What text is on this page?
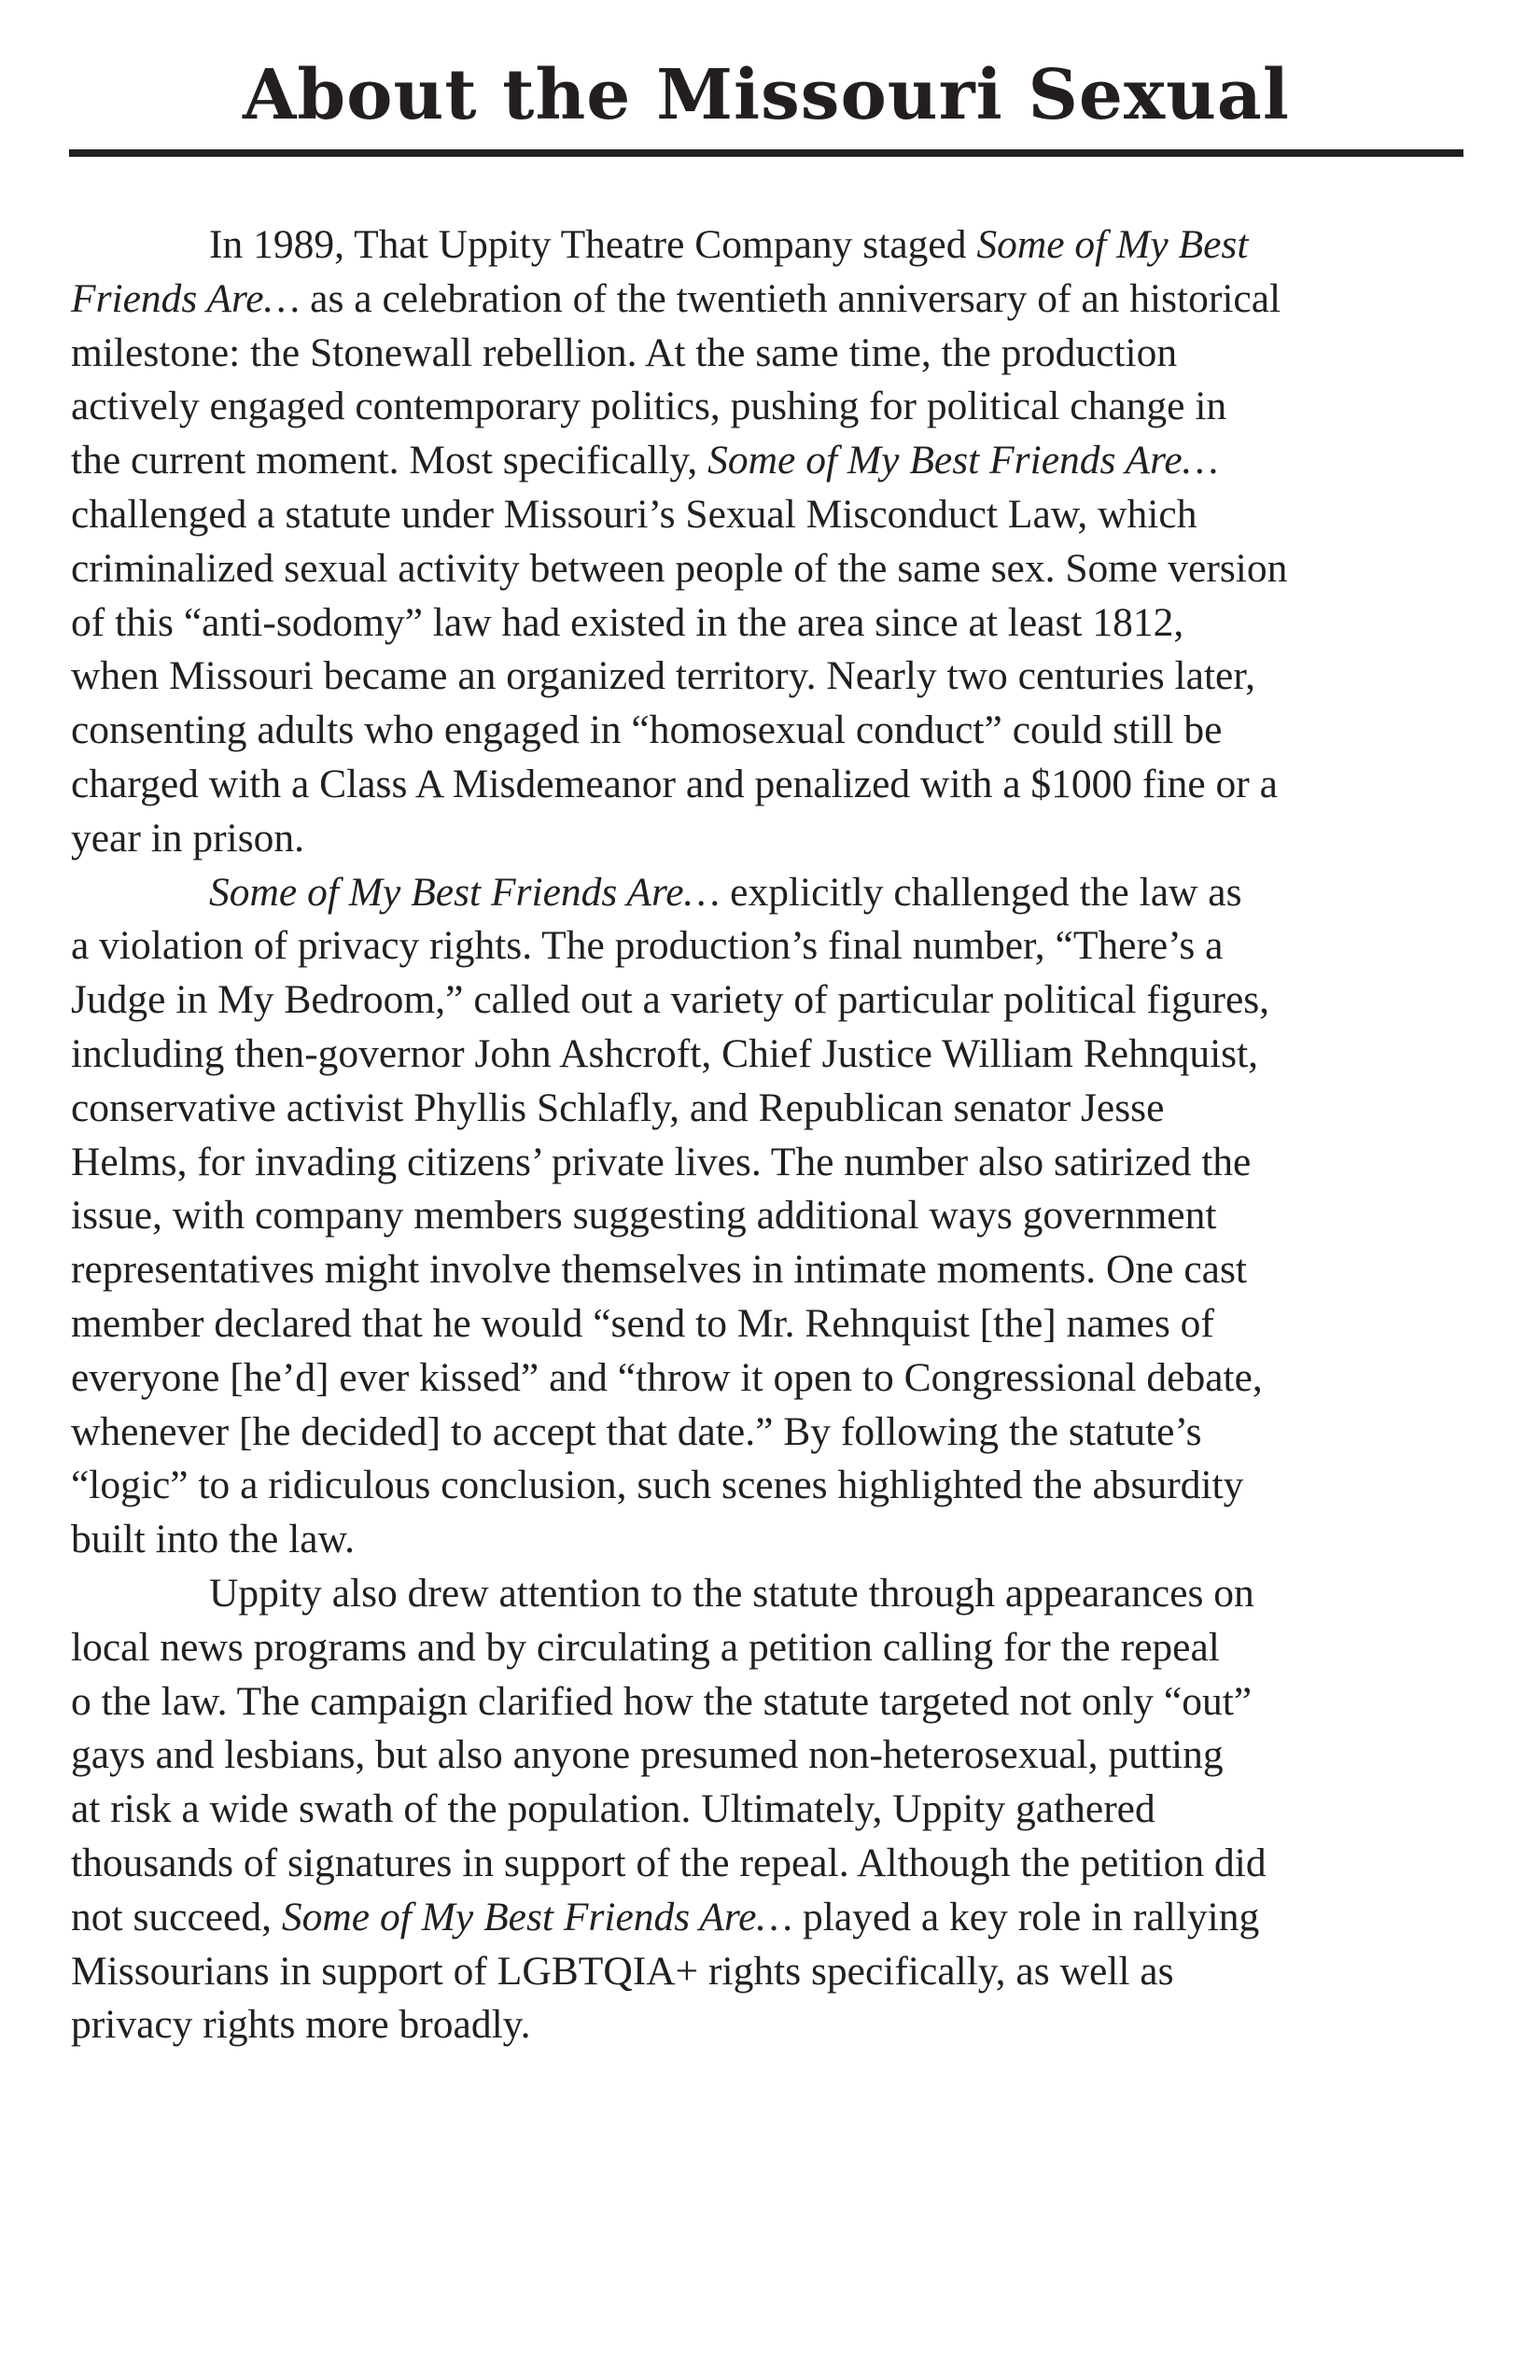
About the Missouri Sexual
In 1989, That Uppity Theatre Company staged Some of My Best
Friends Are… as a celebration of the twentieth anniversary of an historical
milestone: the Stonewall rebellion. At the same time, the production
actively engaged contemporary politics, pushing for political change in
the current moment. Most specifically, Some of My Best Friends Are…
challenged a statute under Missouri’s Sexual Misconduct Law, which
criminalized sexual activity between people of the same sex. Some version
of this “anti-sodomy” law had existed in the area since at least 1812,
when Missouri became an organized territory. Nearly two centuries later,
consenting adults who engaged in “homosexual conduct” could still be
charged with a Class A Misdemeanor and penalized with a $1000 fine or a
year in prison.
Some of My Best Friends Are… explicitly challenged the law as
a violation of privacy rights. The production’s final number, “There’s a
Judge in My Bedroom,” called out a variety of particular political figures,
including then-governor John Ashcroft, Chief Justice William Rehnquist,
conservative activist Phyllis Schlafly, and Republican senator Jesse
Helms, for invading citizens’ private lives. The number also satirized the
issue, with company members suggesting additional ways government
representatives might involve themselves in intimate moments. One cast
member declared that he would “send to Mr. Rehnquist [the] names of
everyone [he’d] ever kissed” and “throw it open to Congressional debate,
whenever [he decided] to accept that date.” By following the statute’s
“logic” to a ridiculous conclusion, such scenes highlighted the absurdity
built into the law.
Uppity also drew attention to the statute through appearances on
local news programs and by circulating a petition calling for the repeal
o the law. The campaign clarified how the statute targeted not only “out”
gays and lesbians, but also anyone presumed non-heterosexual, putting
at risk a wide swath of the population. Ultimately, Uppity gathered
thousands of signatures in support of the repeal. Although the petition did
not succeed, Some of My Best Friends Are… played a key role in rallying
Missourians in support of LGBTQIA+ rights specifically, as well as
privacy rights more broadly.
